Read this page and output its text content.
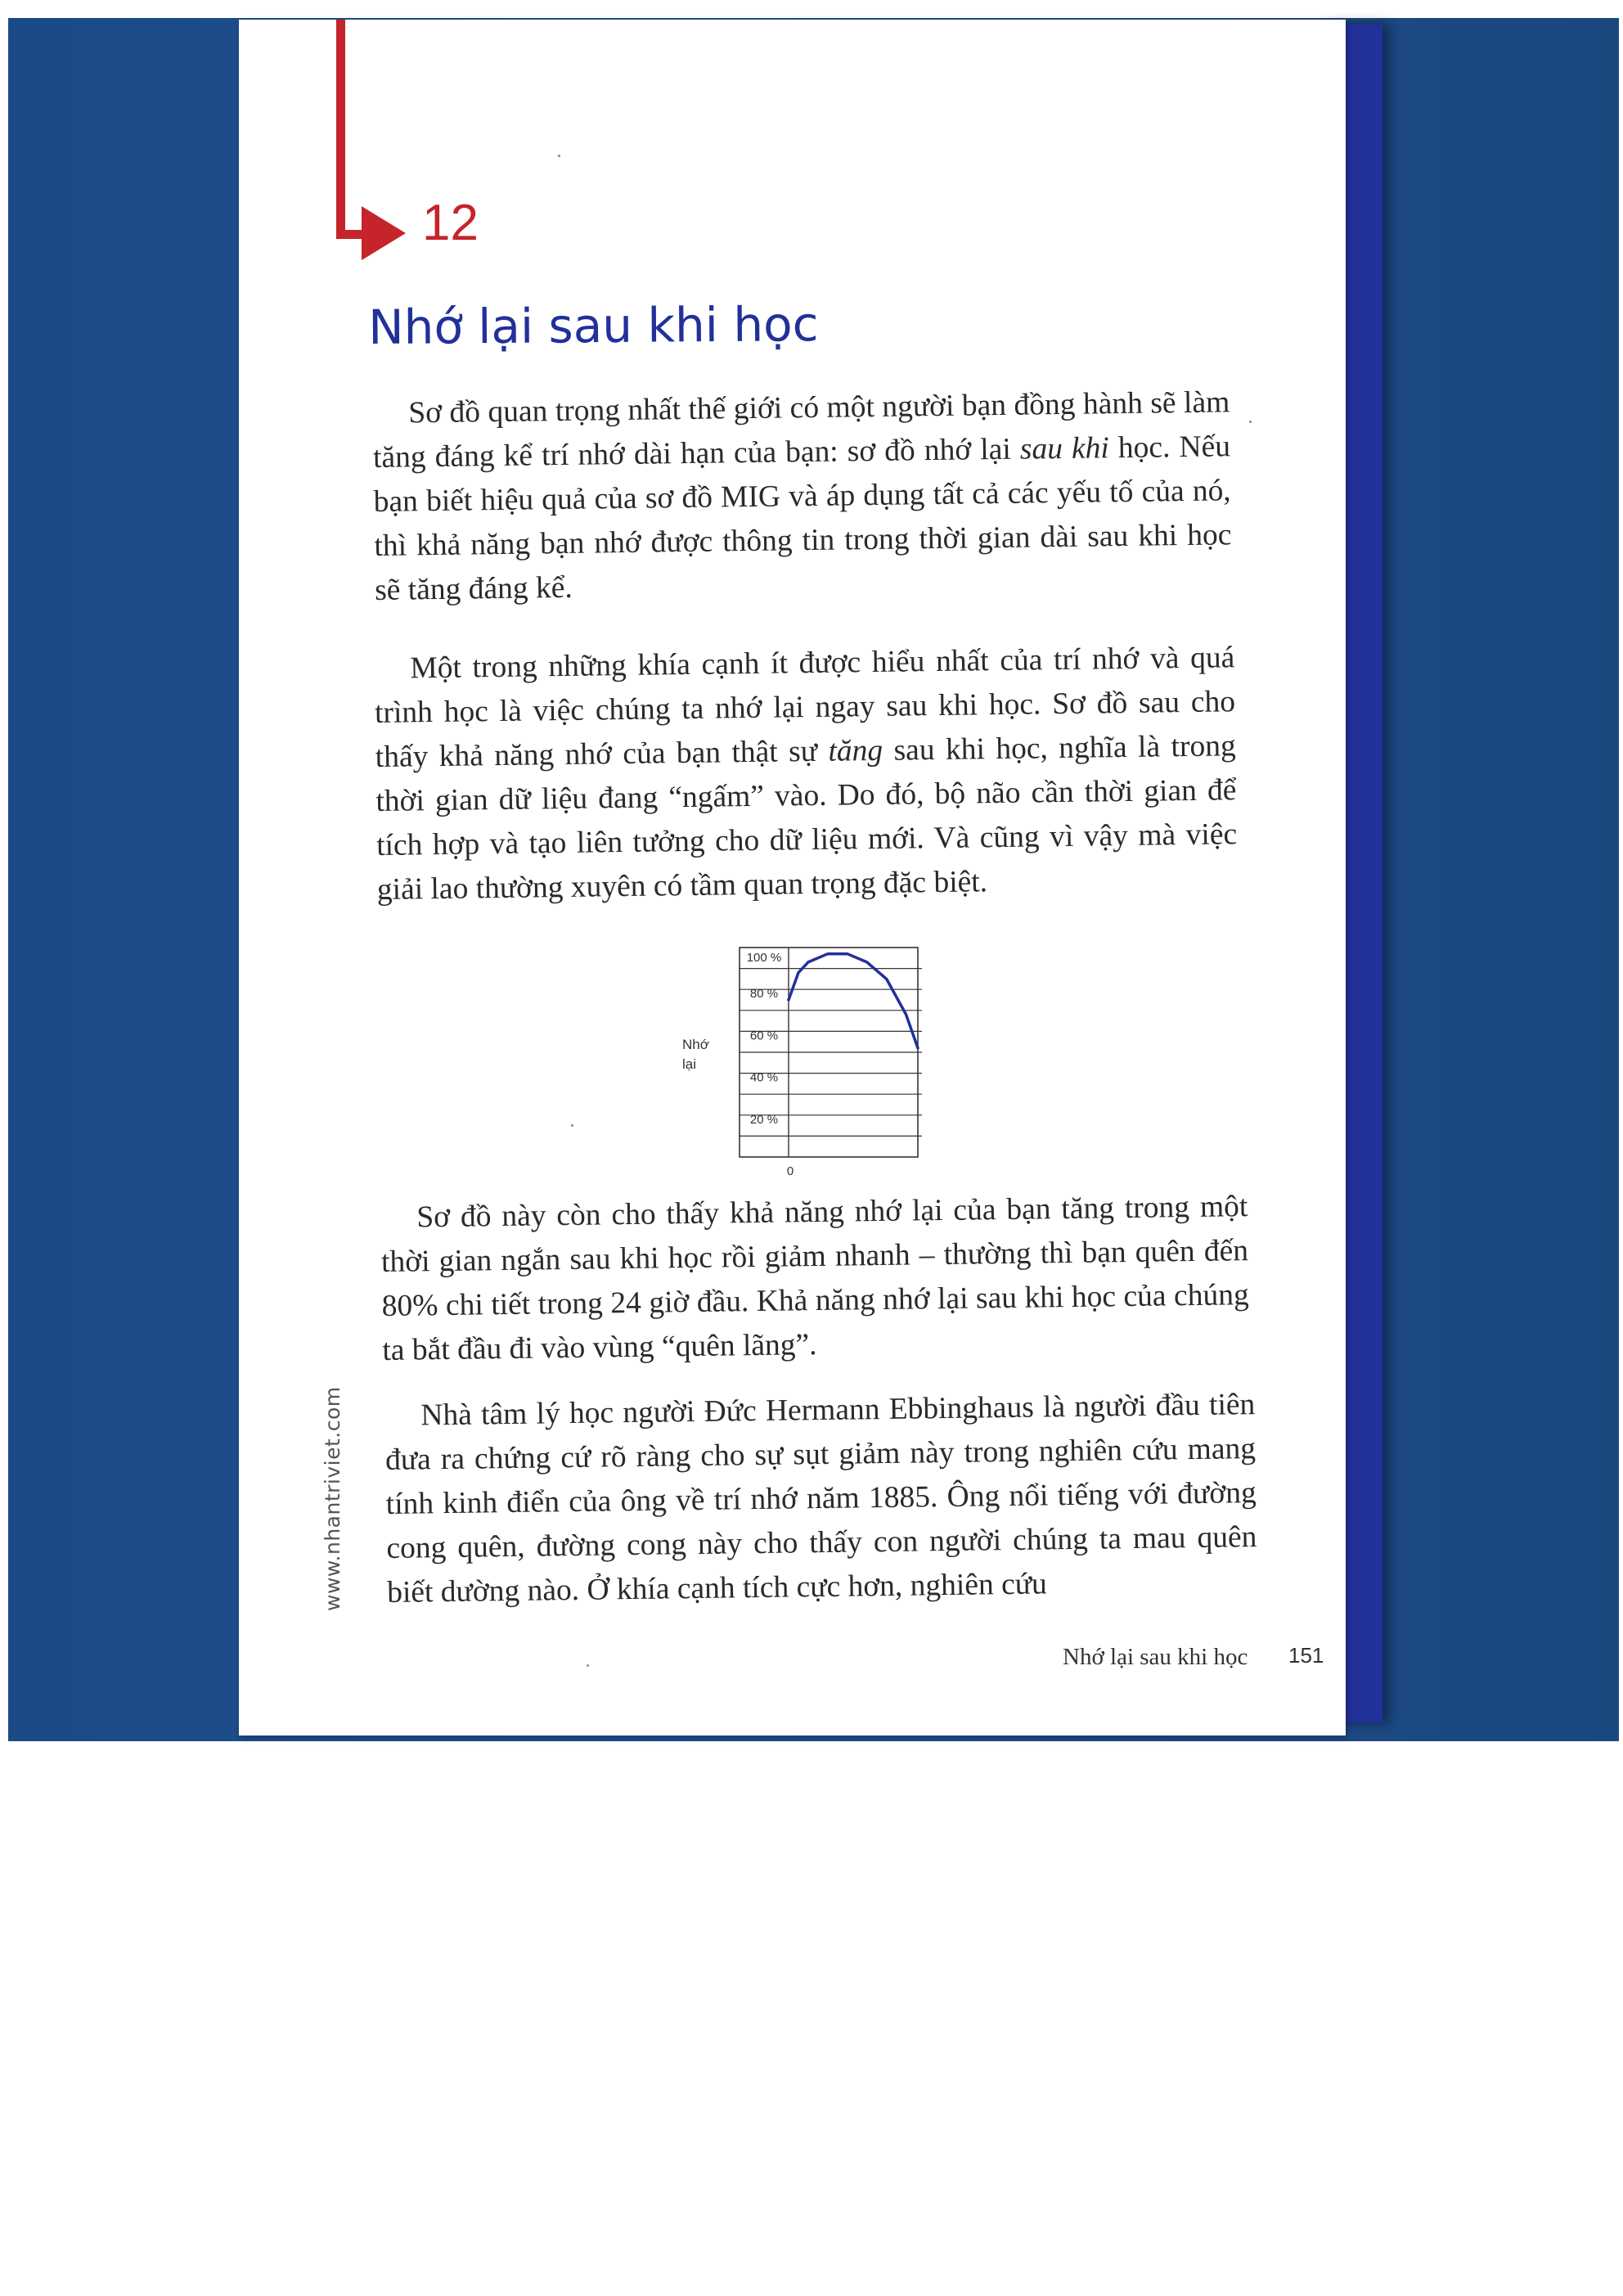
12
Nhớ lại sau khi học

Sơ đồ quan trọng nhất thế giới có một người bạn đồng hành sẽ làm tăng đáng kể trí nhớ dài hạn của bạn: sơ đồ nhớ lại sau khi học. Nếu bạn biết hiệu quả của sơ đồ MIG và áp dụng tất cả các yếu tố của nó, thì khả năng bạn nhớ được thông tin trong thời gian dài sau khi học sẽ tăng đáng kể.

Một trong những khía cạnh ít được hiểu nhất của trí nhớ và quá trình học là việc chúng ta nhớ lại ngay sau khi học. Sơ đồ sau cho thấy khả năng nhớ của bạn thật sự tăng sau khi học, nghĩa là trong thời gian dữ liệu đang “ngấm” vào. Do đó, bộ não cần thời gian để tích hợp và tạo liên tưởng cho dữ liệu mới. Và cũng vì vậy mà việc giải lao thường xuyên có tầm quan trọng đặc biệt.

Nhớ
lại
100 %
80 %
60 %
40 %
20 %
0

Sơ đồ này còn cho thấy khả năng nhớ lại của bạn tăng trong một thời gian ngắn sau khi học rồi giảm nhanh – thường thì bạn quên đến 80% chi tiết trong 24 giờ đầu. Khả năng nhớ lại sau khi học của chúng ta bắt đầu đi vào vùng “quên lãng”.

Nhà tâm lý học người Đức Hermann Ebbinghaus là người đầu tiên đưa ra chứng cứ rõ ràng cho sự sụt giảm này trong nghiên cứu mang tính kinh điển của ông về trí nhớ năm 1885. Ông nổi tiếng với đường cong quên, đường cong này cho thấy con người chúng ta mau quên biết dường nào. Ở khía cạnh tích cực hơn, nghiên cứu

www.nhantriviet.com
Nhớ lại sau khi học 151
